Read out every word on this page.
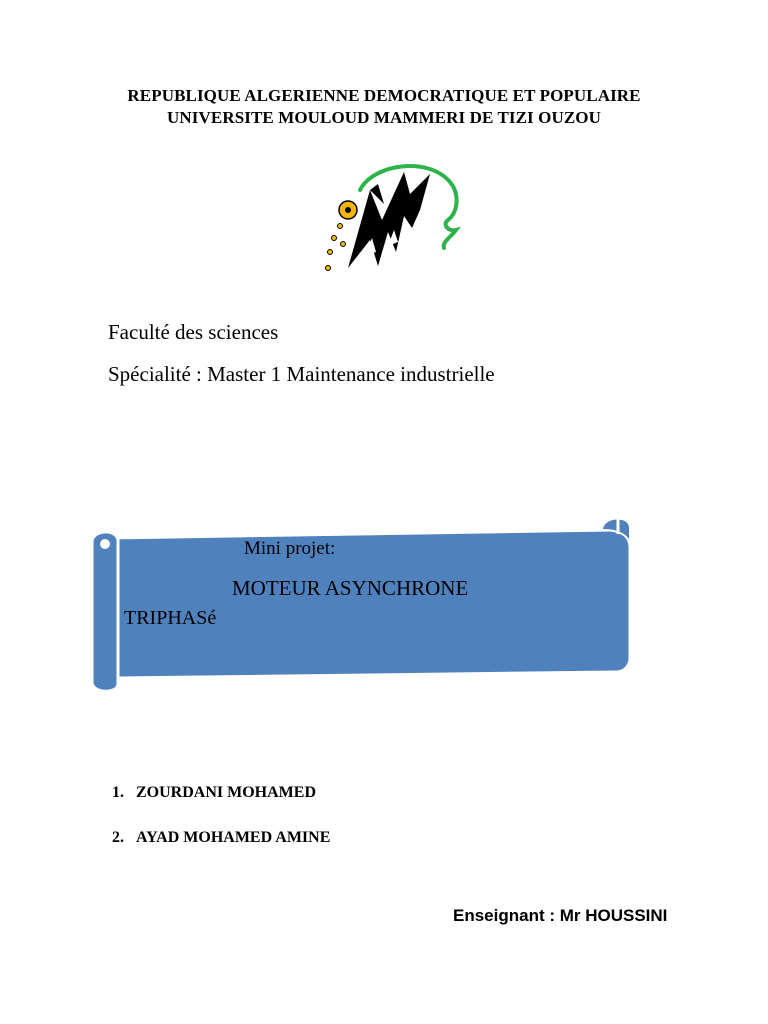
REPUBLIQUE ALGERIENNE DEMOCRATIQUE ET POPULAIRE
UNIVERSITE MOULOUD MAMMERI DE TIZI OUZOU
Faculté des sciences
Spécialité : Master 1 Maintenance industrielle
Mini projet:
MOTEUR ASYNCHRONE
TRIPHASé
1. ZOURDANI MOHAMED
2. AYAD MOHAMED AMINE
Enseignant : Mr HOUSSINI
